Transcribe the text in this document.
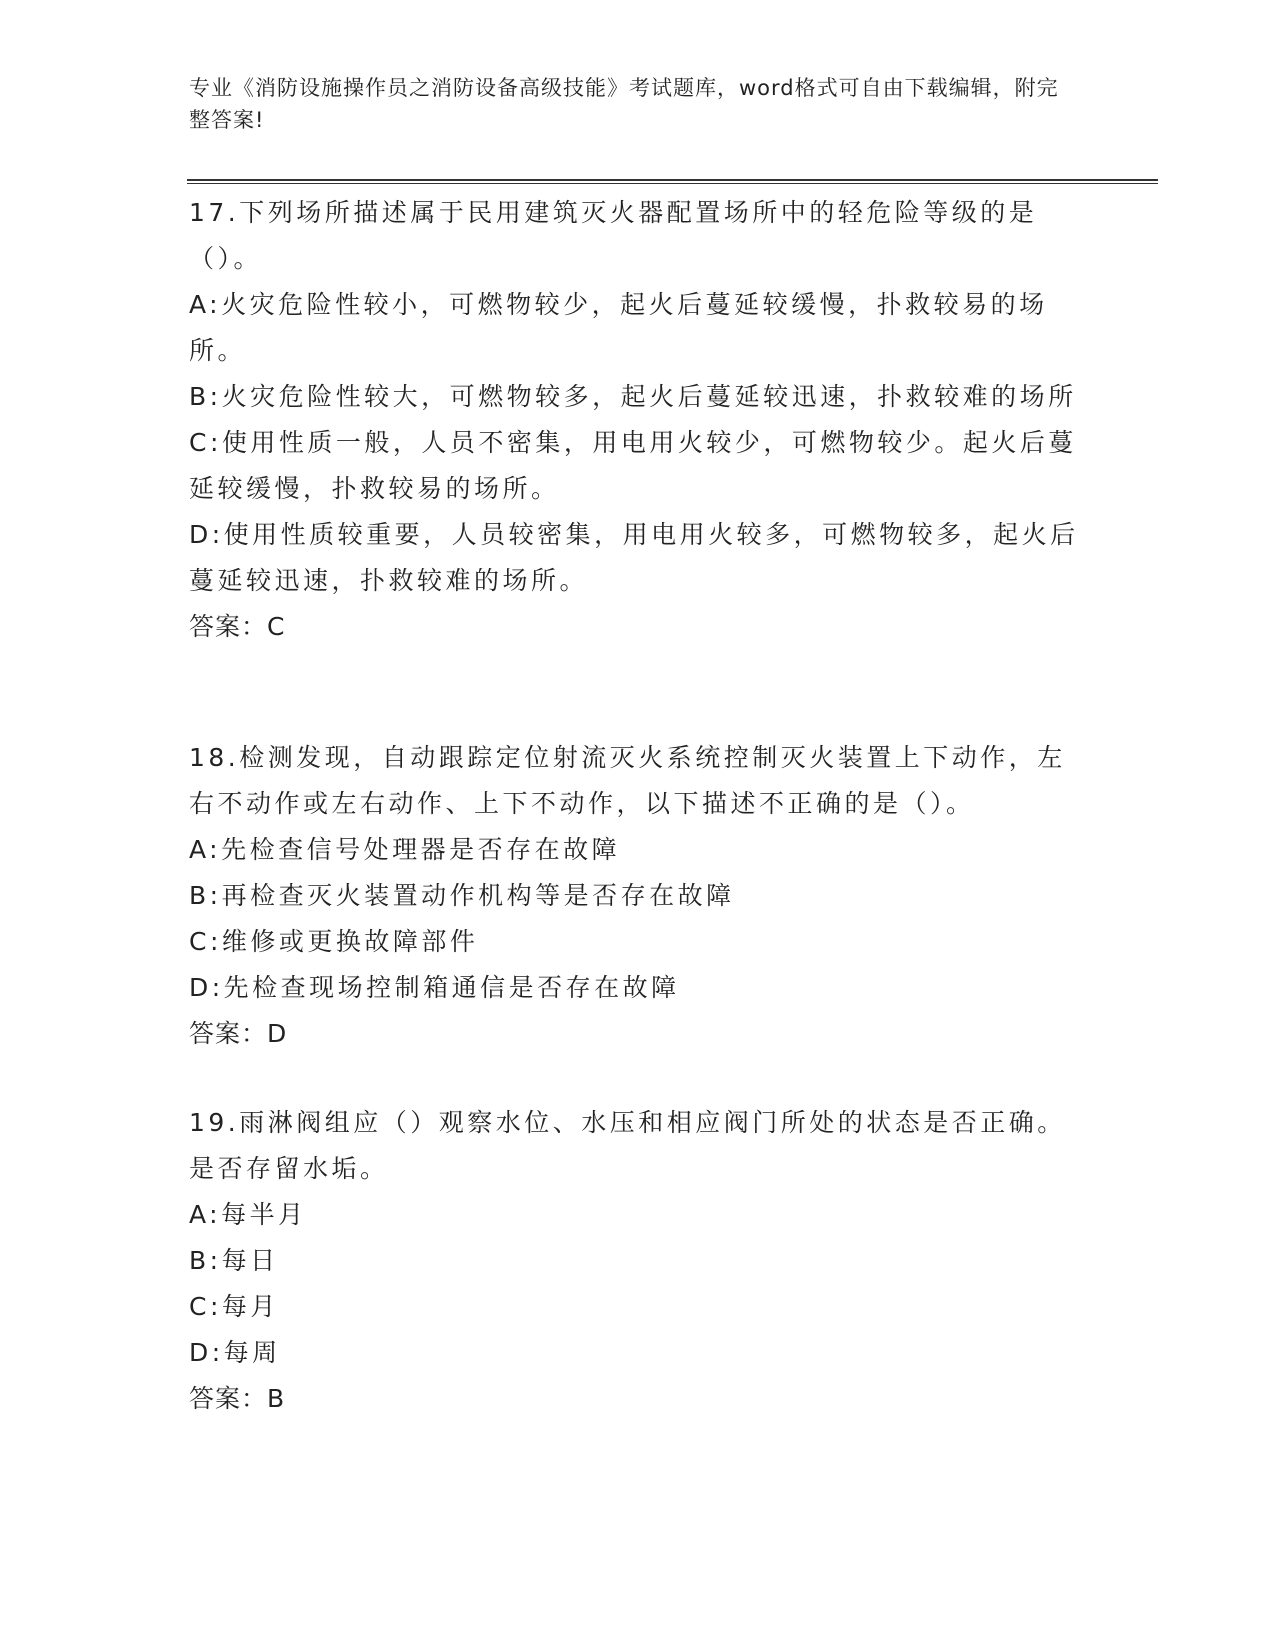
专业《消防设施操作员之消防设备高级技能》考试题库，word格式可自由下载编辑，附完整答案!

17.下列场所描述属于民用建筑灭火器配置场所中的轻危险等级的是（）。

A:火灾危险性较小，可燃物较少，起火后蔓延较缓慢，扑救较易的场所。

B:火灾危险性较大，可燃物较多，起火后蔓延较迅速，扑救较难的场所

C:使用性质一般，人员不密集，用电用火较少，可燃物较少。起火后蔓延较缓慢，扑救较易的场所。

D:使用性质较重要，人员较密集，用电用火较多，可燃物较多，起火后蔓延较迅速，扑救较难的场所。

答案：C

18.检测发现，自动跟踪定位射流灭火系统控制灭火装置上下动作，左右不动作或左右动作、上下不动作，以下描述不正确的是（）。

A:先检查信号处理器是否存在故障

B:再检查灭火装置动作机构等是否存在故障

C:维修或更换故障部件

D:先检查现场控制箱通信是否存在故障

答案：D

19.雨淋阀组应（）观察水位、水压和相应阀门所处的状态是否正确。是否存留水垢。

A:每半月

B:每日

C:每月

D:每周

答案：B
